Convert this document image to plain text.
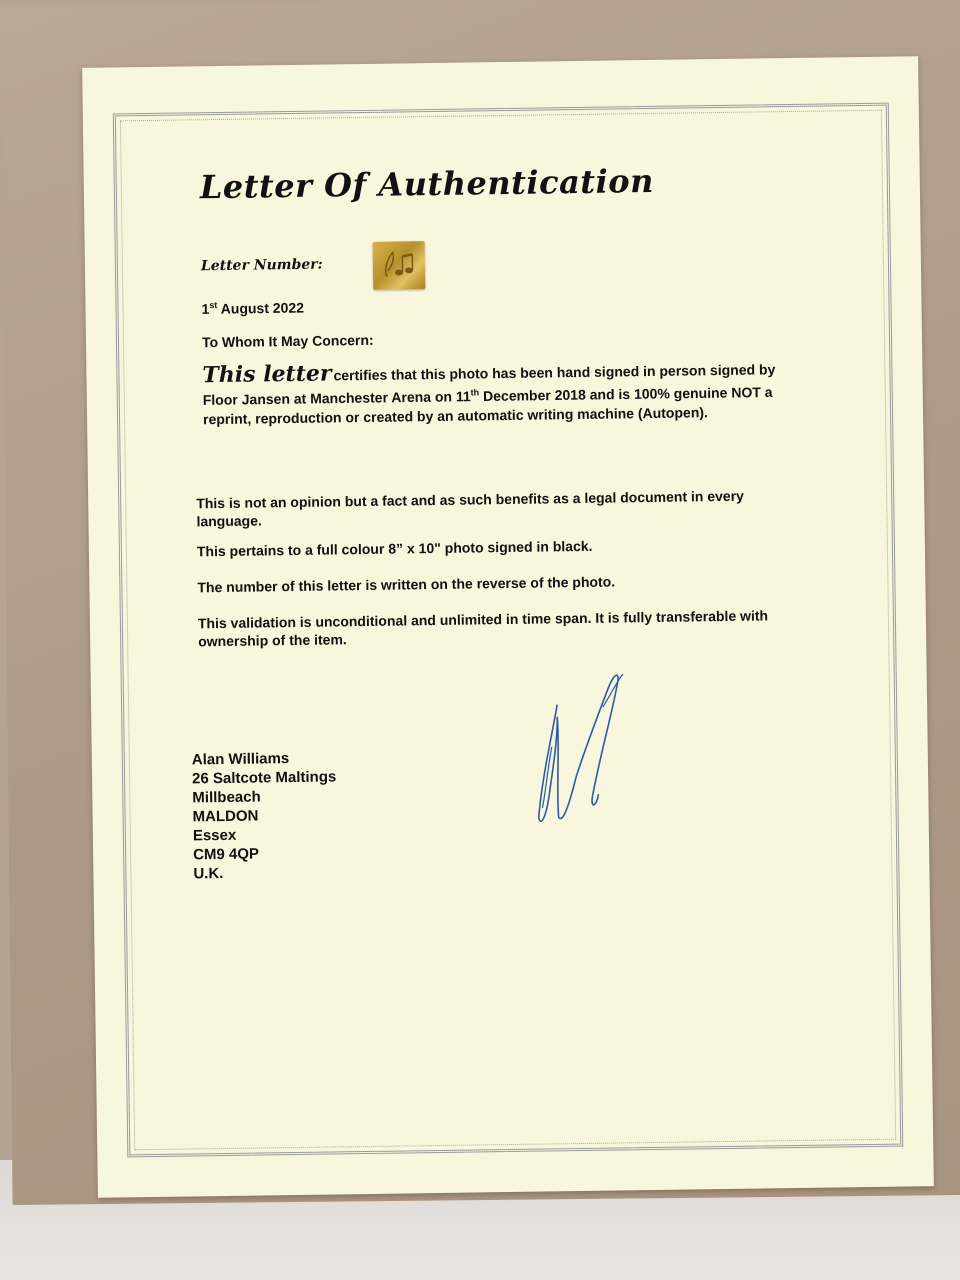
Letter Of Authentication
Letter Number:
1st August 2022
To Whom It May Concern:
This letter certifies that this photo has been hand signed in person signed by Floor Jansen at Manchester Arena on 11th December 2018 and is 100% genuine NOT a reprint, reproduction or created by an automatic writing machine (Autopen).
This is not an opinion but a fact and as such benefits as a legal document in every language.
This pertains to a full colour 8” x 10" photo signed in black.
The number of this letter is written on the reverse of the photo.
This validation is unconditional and unlimited in time span. It is fully transferable with ownership of the item.
Alan Williams
26 Saltcote Maltings
Millbeach
MALDON
Essex
CM9 4QP
U.K.
